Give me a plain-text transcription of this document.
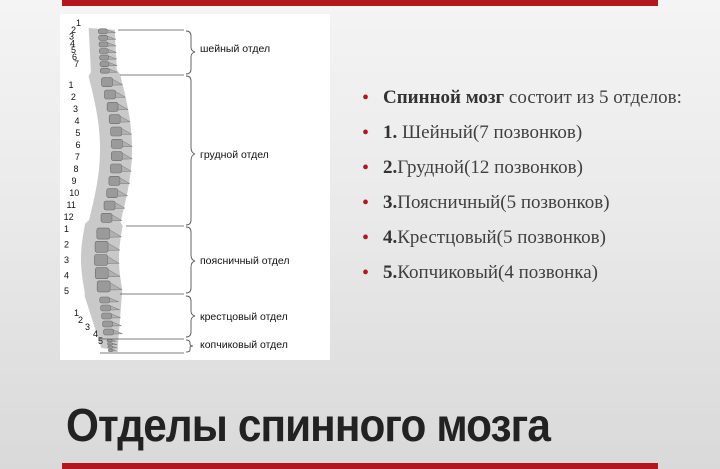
1
2
3
4
5
6
7
1
2
3
4
5
6
7
8
9
10
11
12
1
2
3
4
5
1
2
3
4
5
шейный отдел
грудной отдел
поясничный отдел
крестцовый отдел
копчиковый отдел
• Спинной мозг состоит из 5 отделов:
• 1. Шейный(7 позвонков)
• 2.Грудной(12 позвонков)
• 3.Поясничный(5 позвонков)
• 4.Крестцовый(5 позвонков)
• 5.Копчиковый(4 позвонка)
Отделы спинного мозга
